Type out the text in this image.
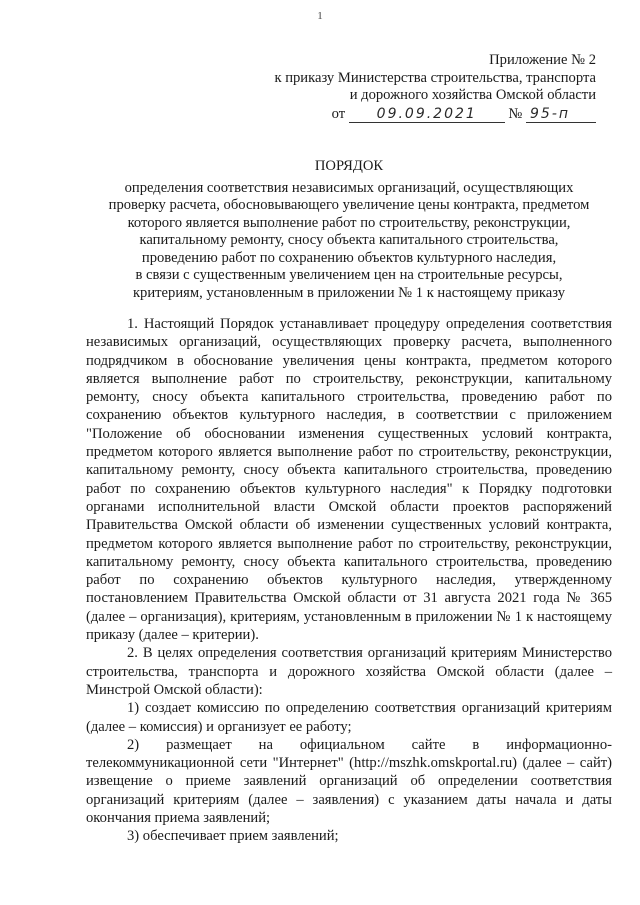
1
Приложение № 2
к приказу Министерства строительства, транспорта
и дорожного хозяйства Омской области
от 09.09.2021 № 95-п
ПОРЯДОК
определения соответствия независимых организаций, осуществляющих
проверку расчета, обосновывающего увеличение цены контракта, предметом
которого является выполнение работ по строительству, реконструкции,
капитальному ремонту, сносу объекта капитального строительства,
проведению работ по сохранению объектов культурного наследия,
в связи с существенным увеличением цен на строительные ресурсы,
критериям, установленным в приложении № 1 к настоящему приказу

1. Настоящий Порядок устанавливает процедуру определения соответствия независимых организаций, осуществляющих проверку расчета, выполненного подрядчиком в обоснование увеличения цены контракта, предметом которого является выполнение работ по строительству, реконструкции, капитальному ремонту, сносу объекта капитального строительства, проведению работ по сохранению объектов культурного наследия, в соответствии с приложением "Положение об обосновании изменения существенных условий контракта, предметом которого является выполнение работ по строительству, реконструкции, капитальному ремонту, сносу объекта капитального строительства, проведению работ по сохранению объектов культурного наследия" к Порядку подготовки органами исполнительной власти Омской области проектов распоряжений Правительства Омской области об изменении существенных условий контракта, предметом которого является выполнение работ по строительству, реконструкции, капитальному ремонту, сносу объекта капитального строительства, проведению работ по сохранению объектов культурного наследия, утвержденному постановлением Правительства Омской области от 31 августа 2021 года № 365 (далее – организация), критериям, установленным в приложении № 1 к настоящему приказу (далее – критерии).

2. В целях определения соответствия организаций критериям Министерство строительства, транспорта и дорожного хозяйства Омской области (далее – Минстрой Омской области):

1) создает комиссию по определению соответствия организаций критериям (далее – комиссия) и организует ее работу;

2) размещает на официальном сайте в информационно-телекоммуникационной сети "Интернет" (http://mszhk.omskportal.ru) (далее – сайт) извещение о приеме заявлений организаций об определении соответствия организаций критериям (далее – заявления) с указанием даты начала и даты окончания приема заявлений;

3) обеспечивает прием заявлений;
